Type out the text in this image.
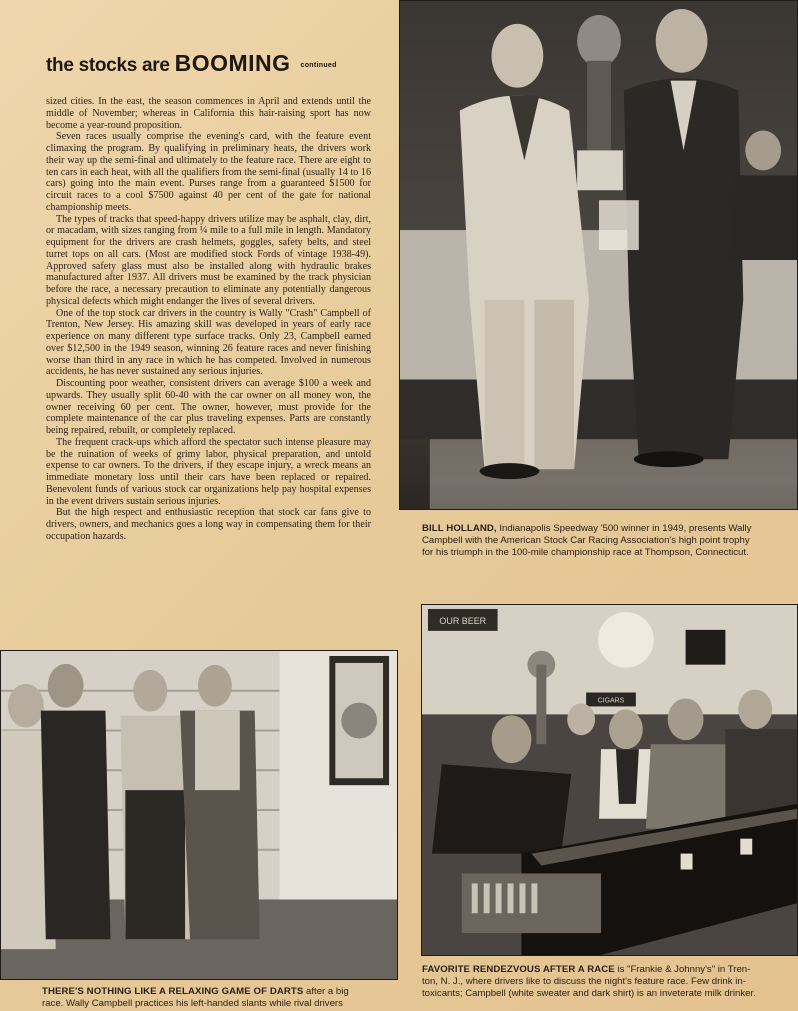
the stocks are BOOMING continued

sized cities. In the east, the season commences in April and extends until the middle of November; whereas in California this hair-raising sport has now become a year-round proposition.

Seven races usually comprise the evening's card, with the feature event climaxing the program. By qualifying in preliminary heats, the drivers work their way up the semi-final and ultimately to the feature race. There are eight to ten cars in each heat, with all the qualifiers from the semi-final (usually 14 to 16 cars) going into the main event. Purses range from a guaranteed $1500 for circuit races to a cool $7500 against 40 per cent of the gate for national championship meets.

The types of tracks that speed-happy drivers utilize may be asphalt, clay, dirt, or macadam, with sizes ranging from ¼ mile to a full mile in length. Mandatory equipment for the drivers are crash helmets, goggles, safety belts, and steel turret tops on all cars. (Most are modified stock Fords of vintage 1938-49). Approved safety glass must also be installed along with hydraulic brakes manufactured after 1937. All drivers must be examined by the track physician before the race, a necessary precaution to eliminate any potentially dangerous physical defects which might endanger the lives of several drivers.

One of the top stock car drivers in the country is Wally "Crash" Campbell of Trenton, New Jersey. His amazing skill was developed in years of early race experience on many different type surface tracks. Only 23, Campbell earned over $12,500 in the 1949 season, winning 26 feature races and never finishing worse than third in any race in which he has competed. Involved in numerous accidents, he has never sustained any serious injuries.

Discounting poor weather, consistent drivers can average $100 a week and upwards. They usually split 60-40 with the car owner on all money won, the owner receiving 60 per cent. The owner, however, must provide for the complete maintenance of the car plus traveling expenses. Parts are constantly being repaired, rebuilt, or completely replaced.

The frequent crack-ups which afford the spectator such intense pleasure may be the ruination of weeks of grimy labor, physical preparation, and untold expense to car owners. To the drivers, if they escape injury, a wreck means an immediate monetary loss until their cars have been replaced or repaired. Benevolent funds of various stock car organizations help pay hospital expenses in the event drivers sustain serious injuries.

But the high respect and enthusiastic reception that stock car fans give to drivers, owners, and mechanics goes a long way in compensating them for their occupation hazards.

BILL HOLLAND, Indianapolis Speedway '500 winner in 1949, presents Wally
Campbell with the American Stock Car Racing Association's high point trophy
for his triumph in the 100-mile championship race at Thompson, Connecticut.
OUR BEER
CIGARS
FAVORITE RENDEZVOUS AFTER A RACE is "Frankie & Johnny's" in Tren-
ton, N. J., where drivers like to discuss the night's feature race. Few drink in-
toxicants; Campbell (white sweater and dark shirt) is an inveterate milk drinker.
THERE'S NOTHING LIKE A RELAXING GAME OF DARTS after a big
race. Wally Campbell practices his left-handed slants while rival drivers
